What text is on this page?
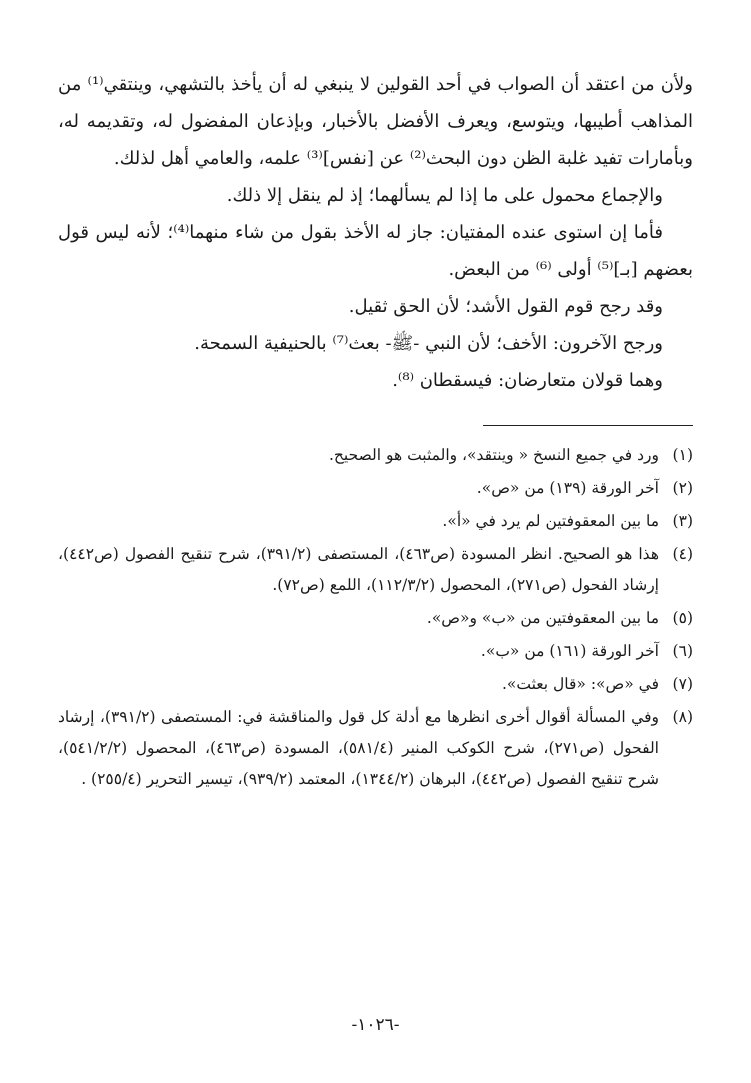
ولأن من اعتقد أن الصواب في أحد القولين لا ينبغي له أن يأخذ بالتشهي، وينتقي⁽¹⁾ من المذاهب أطيبها، ويتوسع، ويعرف الأفضل بالأخبار، وبإذعان المفضول له، وتقديمه له، وبأمارات تفيد غلبة الظن دون البحث⁽²⁾ عن [نفس]⁽³⁾ علمه، والعامي أهل لذلك.

والإجماع محمول على ما إذا لم يسألهما؛ إذ لم ينقل إلا ذلك.

فأما إن استوى عنده المفتيان: جاز له الأخذ بقول من شاء منهما⁽⁴⁾؛ لأنه ليس قول بعضهم [بـ]⁽⁵⁾ أولى ⁽⁶⁾ من البعض.

وقد رجح قوم القول الأشد؛ لأن الحق ثقيل.

ورجح الآخرون: الأخف؛ لأن النبي -ﷺ- بعث⁽⁷⁾ بالحنيفية السمحة.

وهما قولان متعارضان: فيسقطان ⁽⁸⁾.

(١)ورد في جميع النسخ « وينتقد»، والمثبت هو الصحيح.

(٢)آخر الورقة (١٣٩) من «ص».

(٣)ما بين المعقوفتين لم يرد في «أ».

(٤)هذا هو الصحيح. انظر المسودة (ص٤٦٣)، المستصفى (٣٩١/٢)، شرح تنقيح الفصول (ص٤٤٢)، إرشاد الفحول (ص٢٧١)، المحصول (١١٢/٣/٢)، اللمع (ص٧٢).

(٥)ما بين المعقوفتين من «ب» و«ص».

(٦)آخر الورقة (١٦١) من «ب».

(٧)في «ص»: «قال بعثت».

(٨)وفي المسألة أقوال أخرى انظرها مع أدلة كل قول والمناقشة في: المستصفى (٣٩١/٢)، إرشاد الفحول (ص٢٧١)، شرح الكوكب المنير (٥٨١/٤)، المسودة (ص٤٦٣)، المحصول (٥٤١/٢/٢)، شرح تنقيح الفصول (ص٤٤٢)، البرهان (١٣٤٤/٢)، المعتمد (٩٣٩/٢)، تيسير التحرير (٢٥٥/٤) .

-١٠٢٦-
